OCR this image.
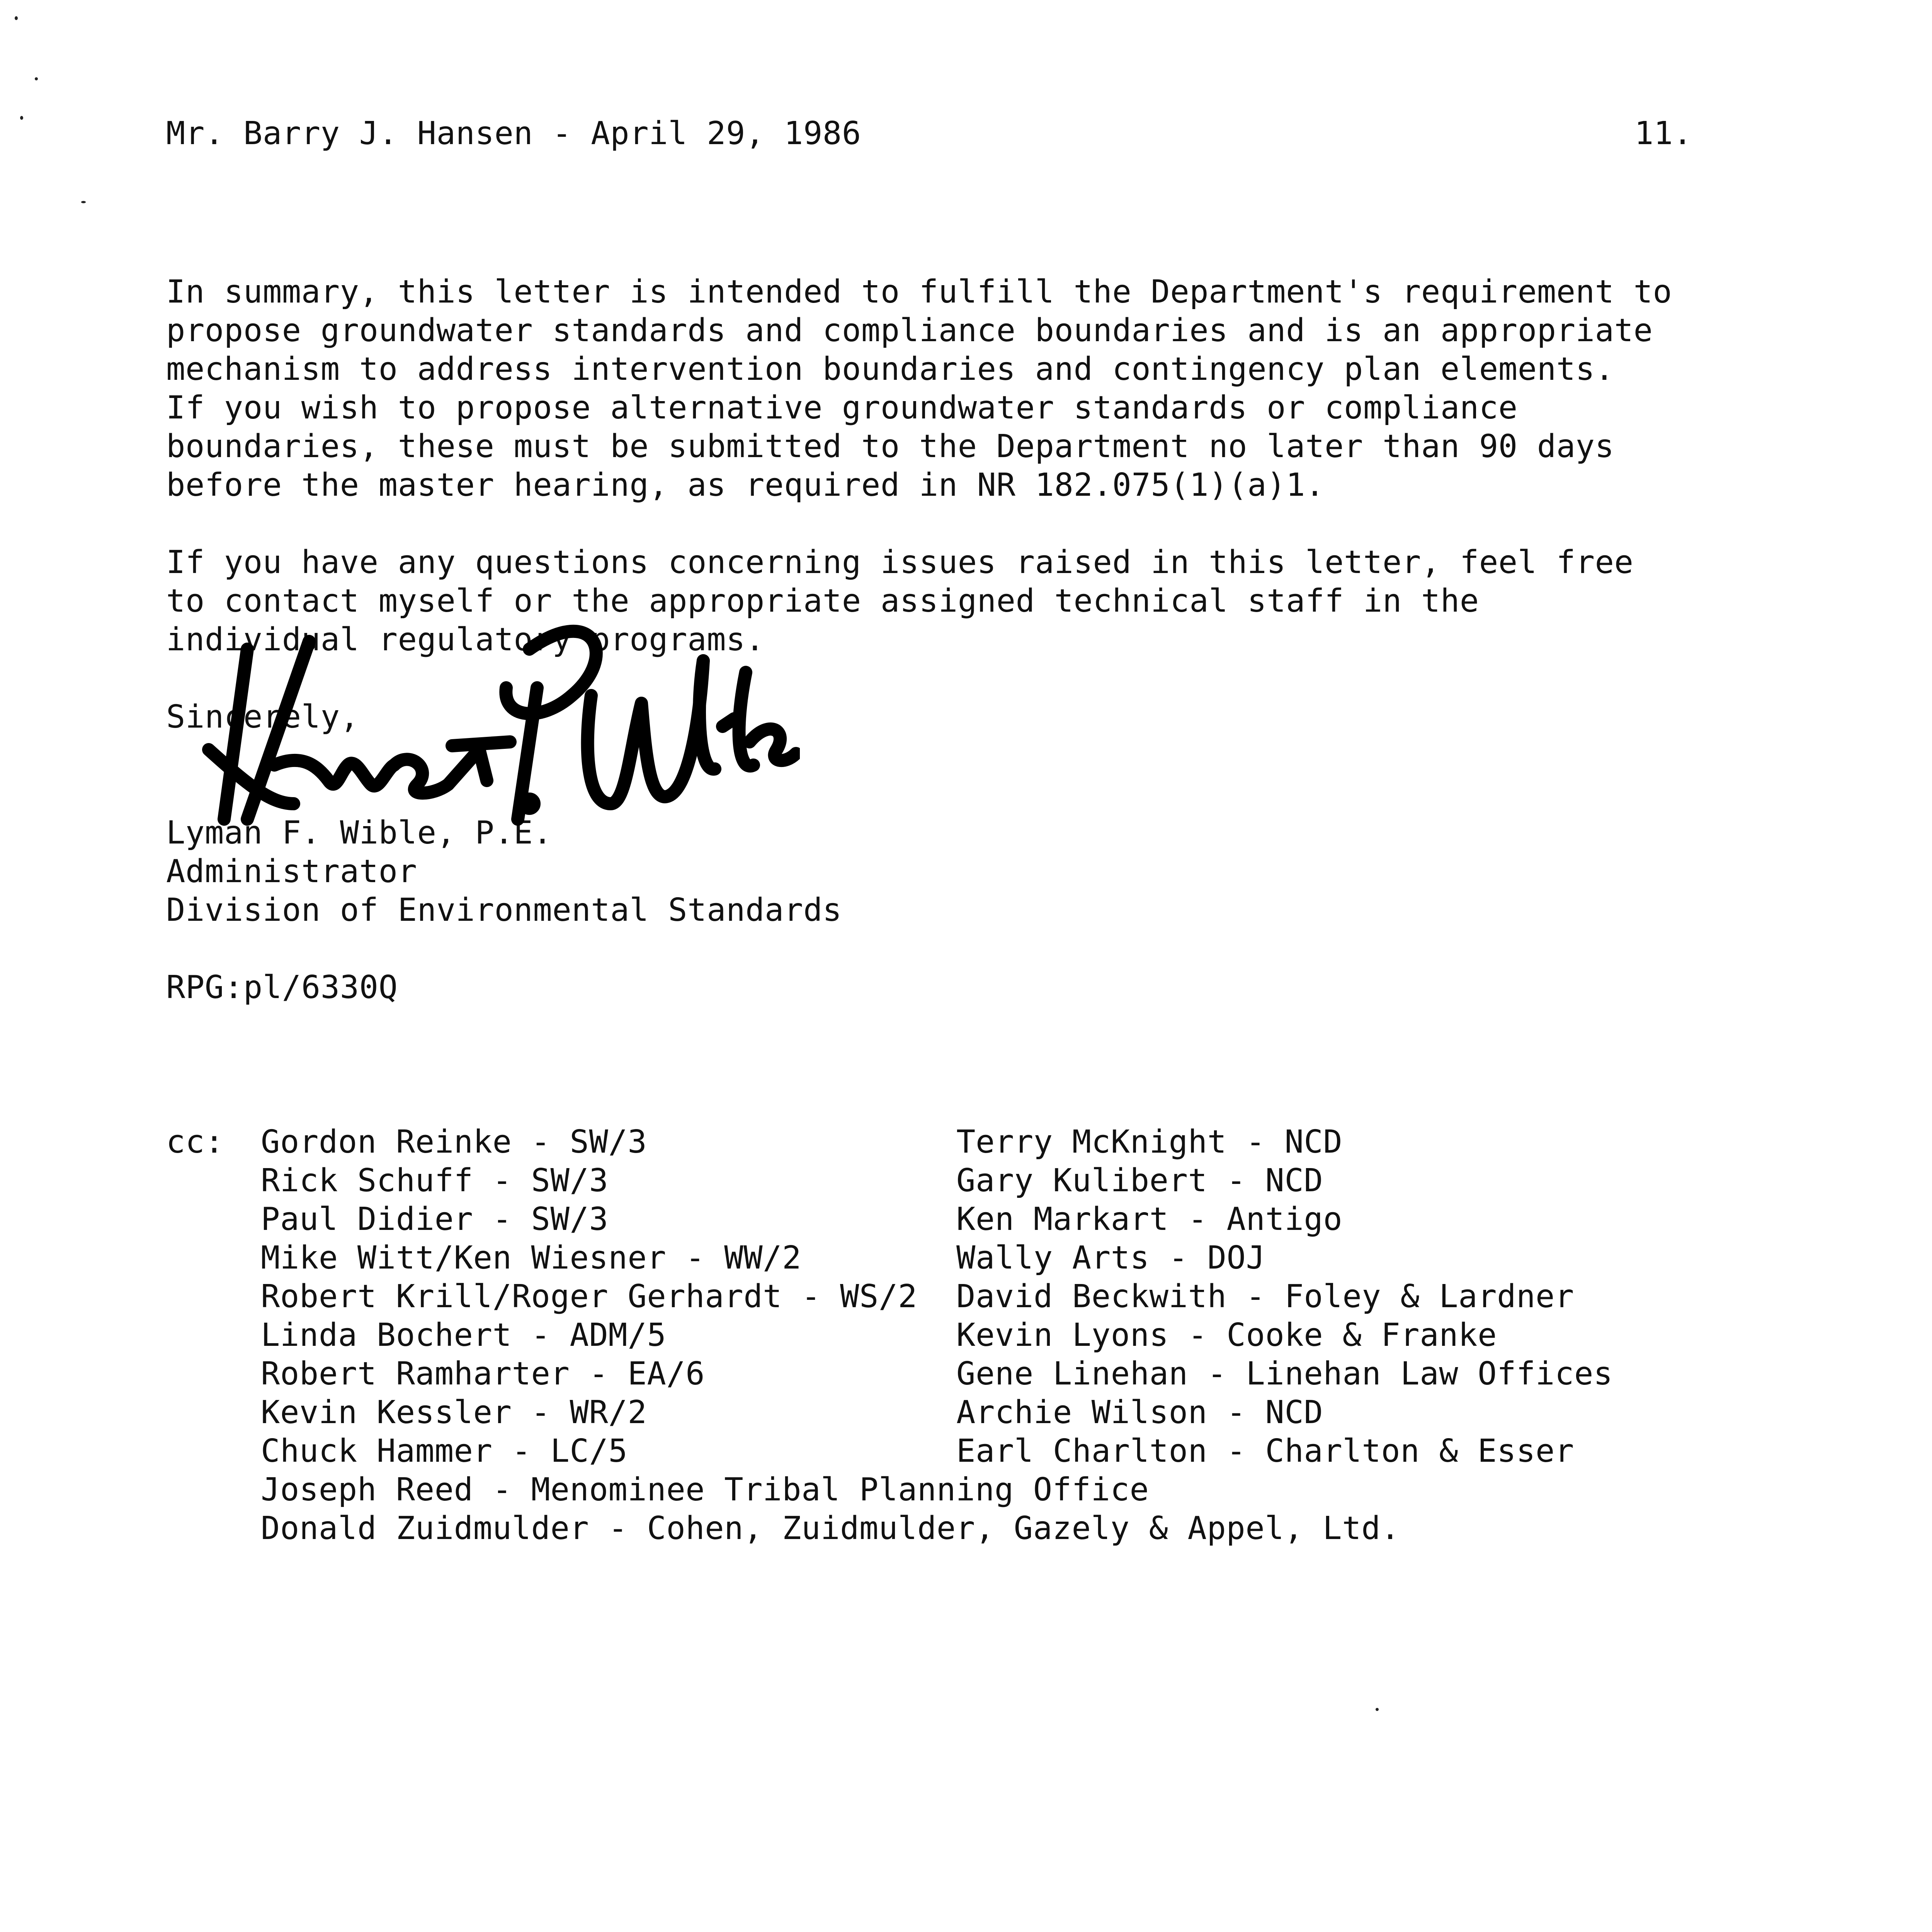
Mr. Barry J. Hansen - April 29, 1986	11.
In summary, this letter is intended to fulfill the Department's requirement to
propose groundwater standards and compliance boundaries and is an appropriate
mechanism to address intervention boundaries and contingency plan elements.
If you wish to propose alternative groundwater standards or compliance
boundaries, these must be submitted to the Department no later than 90 days
before the master hearing, as required in NR 182.075(1)(a)1.
If you have any questions concerning issues raised in this letter, feel free
to contact myself or the appropriate assigned technical staff in the
individual regulatory programs.
Sincerely,
Lyman F. Wible, P.E.
Administrator
Division of Environmental Standards
RPG:pl/6330Q
cc: Gordon Reinke - SW/3
Rick Schuff - SW/3
Paul Didier - SW/3
Mike Witt/Ken Wiesner - WW/2
Robert Krill/Roger Gerhardt - WS/2
Linda Bochert - ADM/5
Robert Ramharter - EA/6
Kevin Kessler - WR/2
Chuck Hammer - LC/5
Terry McKnight - NCD
Gary Kulibert - NCD
Ken Markart - Antigo
Wally Arts - DOJ
David Beckwith - Foley & Lardner
Kevin Lyons - Cooke & Franke
Gene Linehan - Linehan Law Offices
Archie Wilson - NCD
Earl Charlton - Charlton & Esser
Joseph Reed - Menominee Tribal Planning Office
Donald Zuidmulder - Cohen, Zuidmulder, Gazely & Appel, Ltd.
